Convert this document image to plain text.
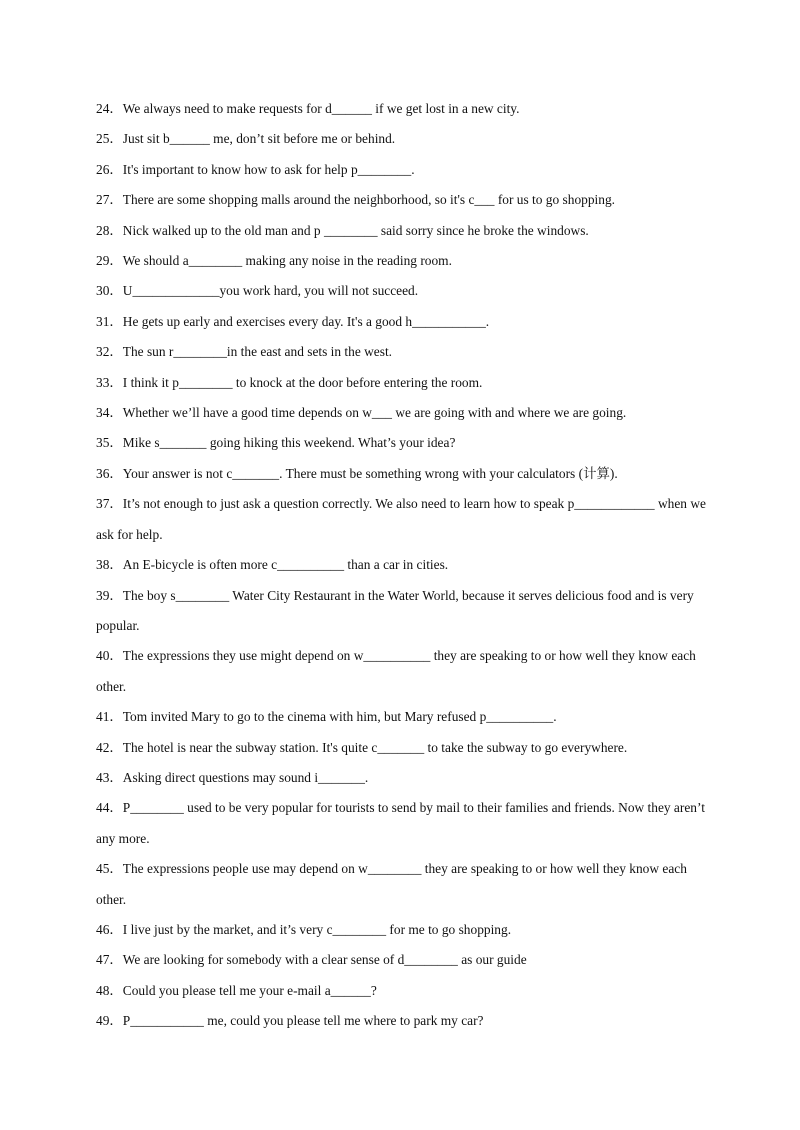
24．We always need to make requests for d______ if we get lost in a new city.
25．Just sit b______ me, don’t sit before me or behind.
26．It's important to know how to ask for help p________.
27．There are some shopping malls around the neighborhood, so it's c___ for us to go shopping.
28．Nick walked up to the old man and p ________ said sorry since he broke the windows.
29．We should a________ making any noise in the reading room.
30．U_____________you work hard, you will not succeed.
31．He gets up early and exercises every day. It's a good h___________.
32．The sun r________in the east and sets in the west.
33．I think it p________ to knock at the door before entering the room.
34．Whether we’ll have a good time depends on w___ we are going with and where we are going.
35．Mike s_______ going hiking this weekend. What’s your idea?
36．Your answer is not c_______. There must be something wrong with your calculators (计算).
37．It’s not enough to just ask a question correctly. We also need to learn how to speak p____________ when we ask for help.
38．An E-bicycle is often more c__________ than a car in cities.
39．The boy s________ Water City Restaurant in the Water World, because it serves delicious food and is very popular.
40．The expressions they use might depend on w__________ they are speaking to or how well they know each other.
41．Tom invited Mary to go to the cinema with him, but Mary refused p__________.
42．The hotel is near the subway station. It's quite c_______ to take the subway to go everywhere.
43．Asking direct questions may sound i_______.
44．P________ used to be very popular for tourists to send by mail to their families and friends. Now they aren’t any more.
45．The expressions people use may depend on w________ they are speaking to or how well they know each other.
46．I live just by the market, and it’s very c________ for me to go shopping.
47．We are looking for somebody with a clear sense of d________ as our guide
48．Could you please tell me your e-mail a______?
49．P___________ me, could you please tell me where to park my car?
